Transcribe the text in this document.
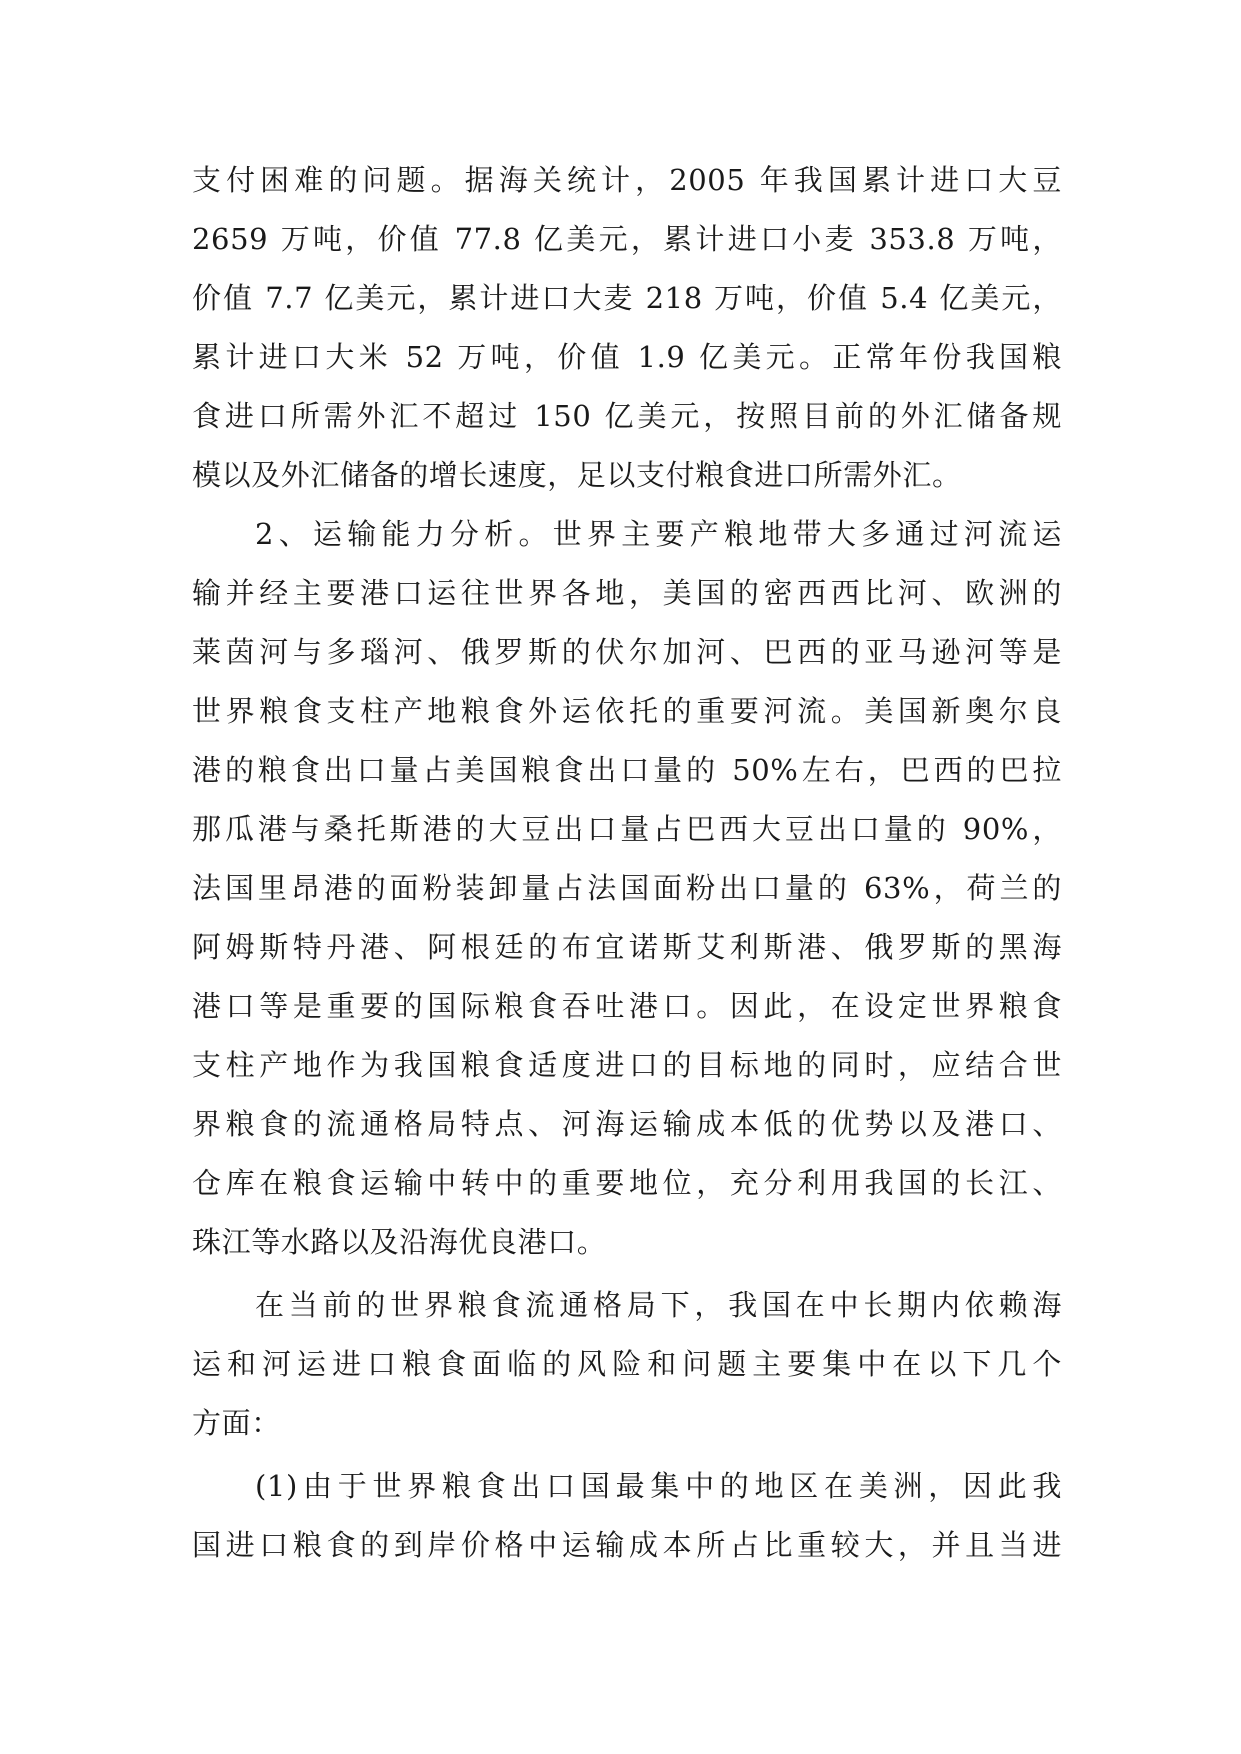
支付困难的问题。据海关统计，2005 年我国累计进口大豆
2659 万吨，价值 77.8 亿美元，累计进口小麦 353.8 万吨，
价值 7.7 亿美元，累计进口大麦 218 万吨，价值 5.4 亿美元，
累计进口大米 52 万吨，价值 1.9 亿美元。正常年份我国粮
食进口所需外汇不超过 150 亿美元，按照目前的外汇储备规
模以及外汇储备的增长速度，足以支付粮食进口所需外汇。
2、运输能力分析。世界主要产粮地带大多通过河流运
输并经主要港口运往世界各地，美国的密西西比河、欧洲的
莱茵河与多瑙河、俄罗斯的伏尔加河、巴西的亚马逊河等是
世界粮食支柱产地粮食外运依托的重要河流。美国新奥尔良
港的粮食出口量占美国粮食出口量的 50%左右，巴西的巴拉
那瓜港与桑托斯港的大豆出口量占巴西大豆出口量的 90%，
法国里昂港的面粉装卸量占法国面粉出口量的 63%，荷兰的
阿姆斯特丹港、阿根廷的布宜诺斯艾利斯港、俄罗斯的黑海
港口等是重要的国际粮食吞吐港口。因此，在设定世界粮食
支柱产地作为我国粮食适度进口的目标地的同时，应结合世
界粮食的流通格局特点、河海运输成本低的优势以及港口、
仓库在粮食运输中转中的重要地位，充分利用我国的长江、
珠江等水路以及沿海优良港口。
在当前的世界粮食流通格局下，我国在中长期内依赖海
运和河运进口粮食面临的风险和问题主要集中在以下几个
方面：
(1)由于世界粮食出口国最集中的地区在美洲，因此我
国进口粮食的到岸价格中运输成本所占比重较大，并且当进
